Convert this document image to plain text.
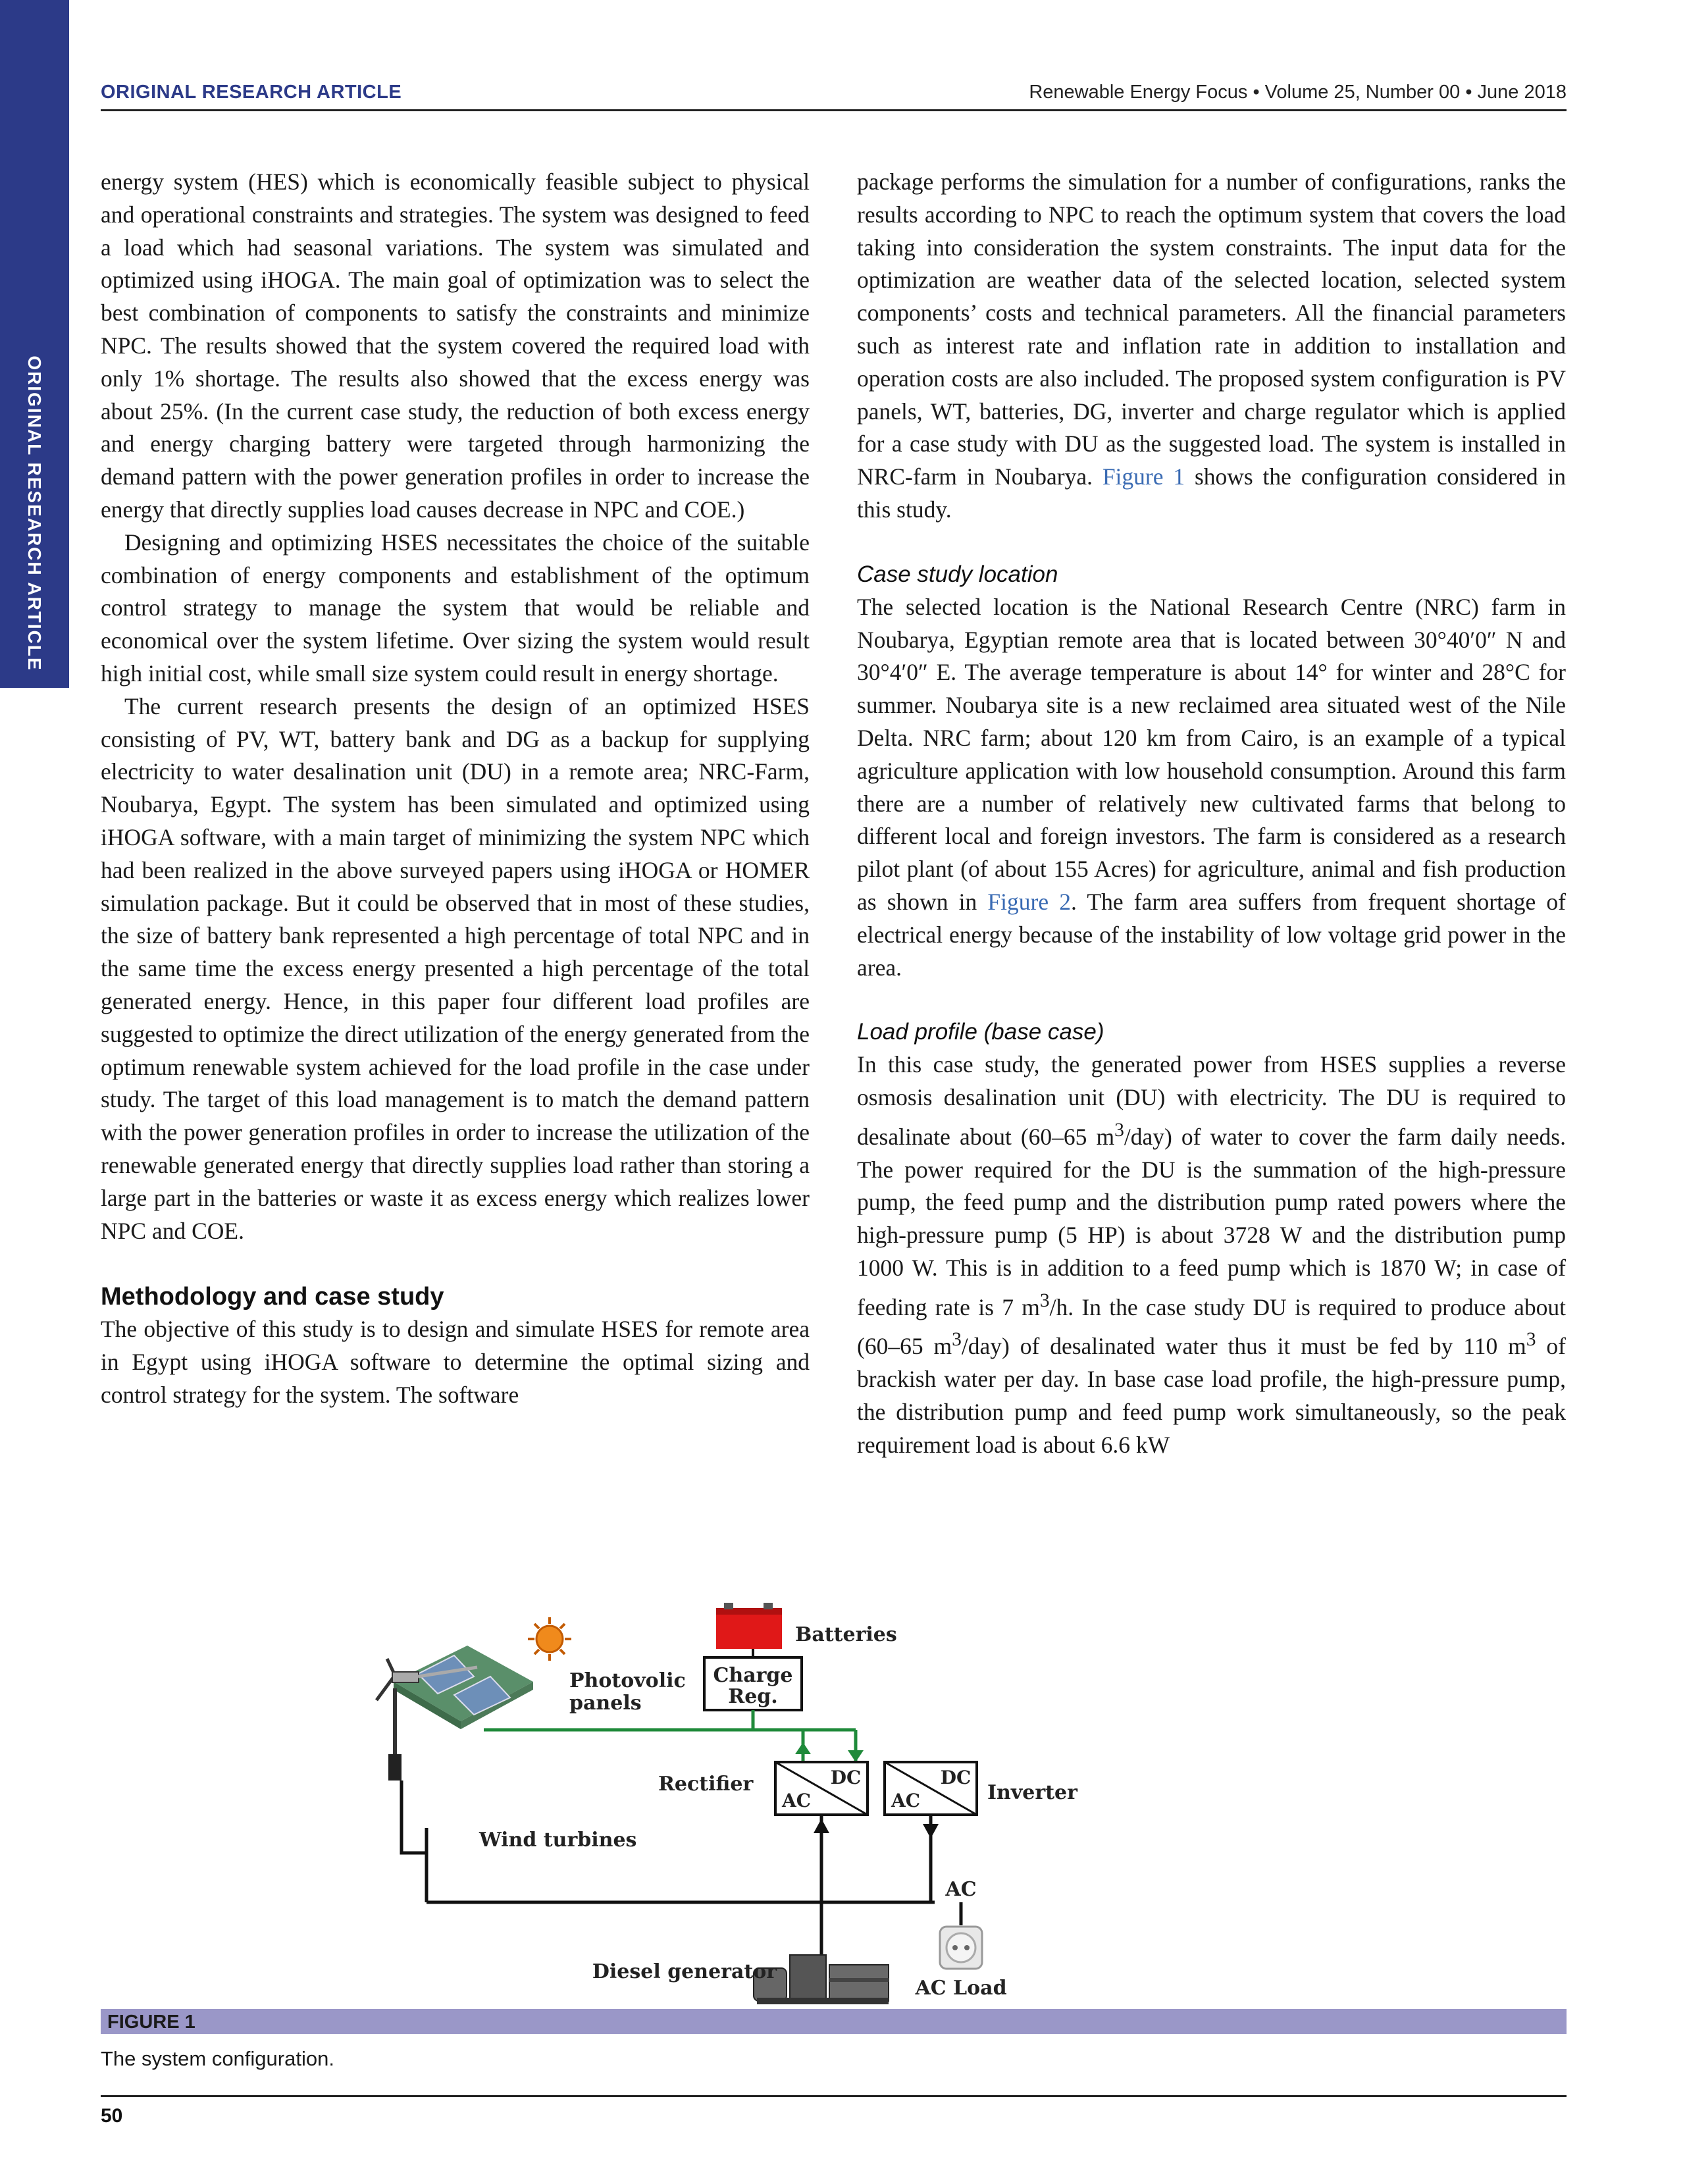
ORIGINAL RESEARCH ARTICLE
ORIGINAL RESEARCH ARTICLE	Renewable Energy Focus • Volume 25, Number 00 • June 2018

energy system (HES) which is economically feasible subject to physical and operational constraints and strategies. The system was designed to feed a load which had seasonal variations. The system was simulated and optimized using iHOGA. The main goal of optimization was to select the best combination of components to satisfy the constraints and minimize NPC. The results showed that the system covered the required load with only 1% shortage. The results also showed that the excess energy was about 25%. (In the current case study, the reduction of both excess energy and energy charging battery were targeted through harmonizing the demand pattern with the power generation profiles in order to increase the energy that directly supplies load causes decrease in NPC and COE.)

Designing and optimizing HSES necessitates the choice of the suitable combination of energy components and establishment of the optimum control strategy to manage the system that would be reliable and economical over the system lifetime. Over sizing the system would result high initial cost, while small size system could result in energy shortage.

The current research presents the design of an optimized HSES consisting of PV, WT, battery bank and DG as a backup for supplying electricity to water desalination unit (DU) in a remote area; NRC-Farm, Noubarya, Egypt. The system has been simulated and optimized using iHOGA software, with a main target of minimizing the system NPC which had been realized in the above surveyed papers using iHOGA or HOMER simulation package. But it could be observed that in most of these studies, the size of battery bank represented a high percentage of total NPC and in the same time the excess energy presented a high percentage of the total generated energy. Hence, in this paper four different load profiles are suggested to optimize the direct utilization of the energy generated from the optimum renewable system achieved for the load profile in the case under study. The target of this load management is to match the demand pattern with the power generation profiles in order to increase the utilization of the renewable generated energy that directly supplies load rather than storing a large part in the batteries or waste it as excess energy which realizes lower NPC and COE.

Methodology and case study

The objective of this study is to design and simulate HSES for remote area in Egypt using iHOGA software to determine the optimal sizing and control strategy for the system. The software

package performs the simulation for a number of configurations, ranks the results according to NPC to reach the optimum system that covers the load taking into consideration the system constraints. The input data for the optimization are weather data of the selected location, selected system components’ costs and technical parameters. All the financial parameters such as interest rate and inflation rate in addition to installation and operation costs are also included. The proposed system configuration is PV panels, WT, batteries, DG, inverter and charge regulator which is applied for a case study with DU as the suggested load. The system is installed in NRC-farm in Noubarya. Figure 1 shows the configuration considered in this study.

Case study location

The selected location is the National Research Centre (NRC) farm in Noubarya, Egyptian remote area that is located between 30°40′0″ N and 30°4′0″ E. The average temperature is about 14° for winter and 28°C for summer. Noubarya site is a new reclaimed area situated west of the Nile Delta. NRC farm; about 120 km from Cairo, is an example of a typical agriculture application with low household consumption. Around this farm there are a number of relatively new cultivated farms that belong to different local and foreign investors. The farm is considered as a research pilot plant (of about 155 Acres) for agriculture, animal and fish production as shown in Figure 2. The farm area suffers from frequent shortage of electrical energy because of the instability of low voltage grid power in the area.

Load profile (base case)

In this case study, the generated power from HSES supplies a reverse osmosis desalination unit (DU) with electricity. The DU is required to desalinate about (60–65 $m^3/day$) of water to cover the farm daily needs. The power required for the DU is the summation of the high-pressure pump, the feed pump and the distribution pump rated powers where the high-pressure pump (5 HP) is about 3728 W and the distribution pump 1000 W. This is in addition to a feed pump which is 1870 W; in case of feeding rate is 7 $m^3/h$. In the case study DU is required to produce about (60–65 $m^3/day$) of desalinated water thus it must be fed by 110 $m^3$ of brackish water per day. In base case load profile, the high-pressure pump, the distribution pump and feed pump work simultaneously, so the peak requirement load is about 6.6 kW

Photovolic
panels
Batteries
Charge
Reg.
DC
AC
Rectifier	DC
AC	Inverter
Wind turbines
AC
AC Load
Diesel generator
FIGURE 1
The system configuration.
50
